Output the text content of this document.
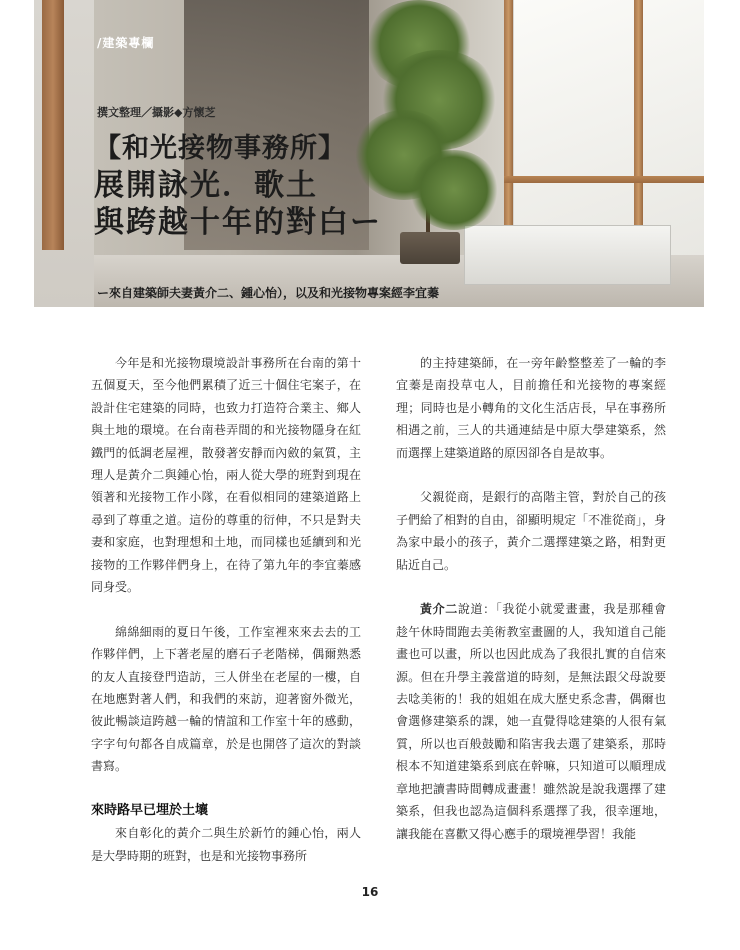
/建築專欄
撰文整理／攝影◆方懷芝
【和光接物事務所】
展開詠光．歌土
與跨越十年的對白ー
ー來自建築師夫妻黃介二、鍾心怡），以及和光接物專案經李宜蓁

今年是和光接物環境設計事務所在台南的第十五個夏天，至今他們累積了近三十個住宅案子，在設計住宅建築的同時，也致力打造符合業主、鄉人與土地的環境。在台南巷弄間的和光接物隱身在紅鐵門的低調老屋裡，散發著安靜而內斂的氣質，主理人是黃介二與鍾心怡，兩人從大學的班對到現在領著和光接物工作小隊，在看似相同的建築道路上尋到了尊重之道。這份的尊重的衍伸，不只是對夫妻和家庭，也對理想和土地，而同樣也延續到和光接物的工作夥伴們身上，在待了第九年的李宜蓁感同身受。

綿綿細雨的夏日午後，工作室裡來來去去的工作夥伴們，上下著老屋的磨石子老階梯，偶爾熟悉的友人直接登門造訪，三人併坐在老屋的一樓，自在地應對著人們，和我們的來訪，迎著窗外微光，彼此暢談這跨越一輪的情誼和工作室十年的感動，字字句句都各自成篇章，於是也開啓了這次的對談書寫。

來時路早已埋於土壤

來自彰化的黃介二與生於新竹的鍾心怡，兩人是大學時期的班對，也是和光接物事務所

的主持建築師，在一旁年齡整整差了一輪的李宜蓁是南投草屯人，目前擔任和光接物的專案經理；同時也是小轉角的文化生活店長，早在事務所相遇之前，三人的共通連結是中原大學建築系，然而選擇上建築道路的原因卻各自是故事。

父親從商，是銀行的高階主管，對於自己的孩子們給了相對的自由，卻顯明規定「不准從商」，身為家中最小的孩子，黃介二選擇建築之路，相對更貼近自己。

黃介二說道：「我從小就愛畫畫，我是那種會趁午休時間跑去美術教室畫圖的人，我知道自己能畫也可以畫，所以也因此成為了我很扎實的自信來源。但在升學主義當道的時刻，是無法跟父母說要去唸美術的！我的姐姐在成大歷史系念書，偶爾也會選修建築系的課，她一直覺得唸建築的人很有氣質，所以也百般鼓勵和陷害我去選了建築系，那時根本不知道建築系到底在幹嘛，只知道可以順理成章地把讀書時間轉成畫畫！雖然說是說我選擇了建築系，但我也認為這個科系選擇了我，很幸運地，讓我能在喜歡又得心應手的環境裡學習！我能

16
